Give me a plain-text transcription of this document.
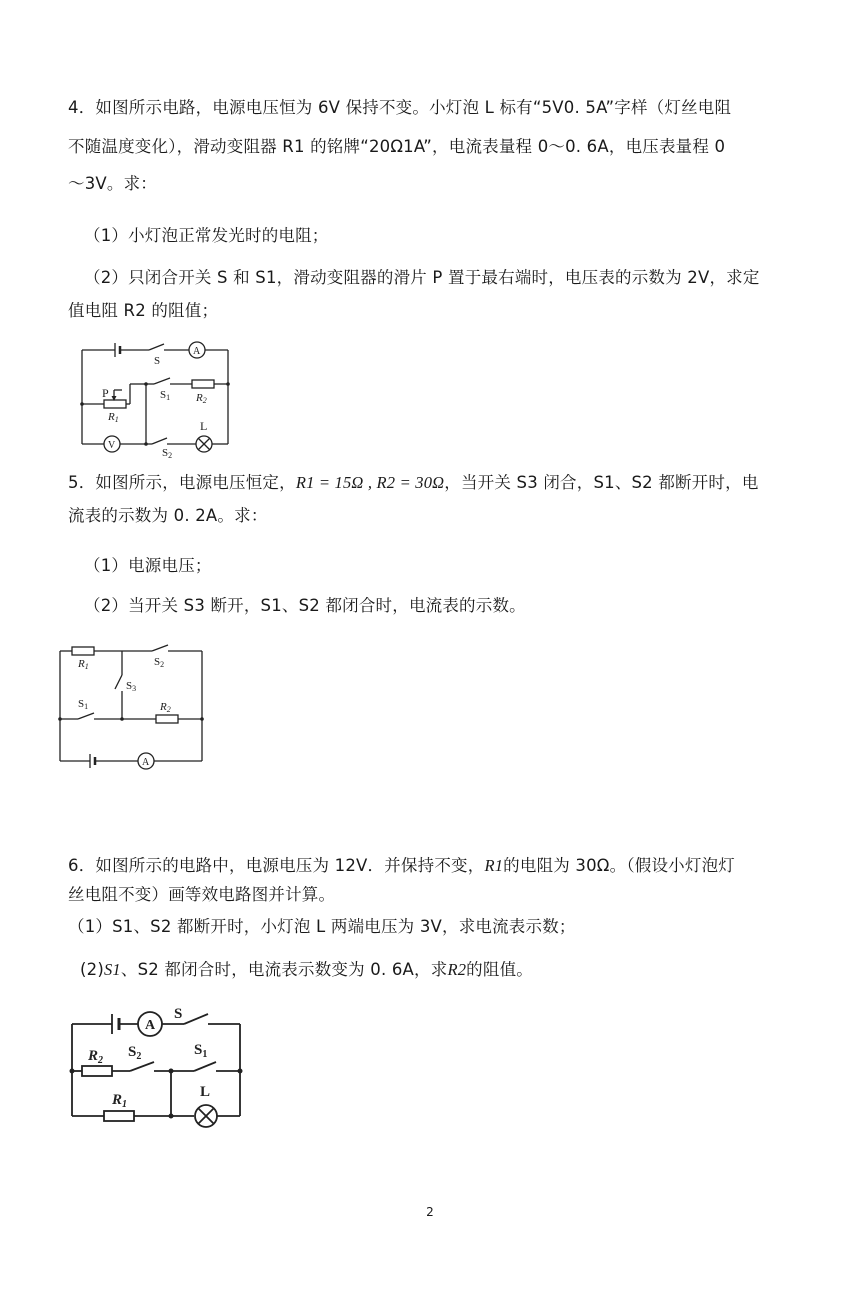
4．如图所示电路，电源电压恒为 6V 保持不变。小灯泡 L 标有“5V0. 5A”字样（灯丝电阻
不随温度变化），滑动变阻器 R1 的铭牌“20Ω1A”，电流表量程 0～0. 6A，电压表量程 0
～3V。求：
（1）小灯泡正常发光时的电阻；
（2）只闭合开关 S 和 S1，滑动变阻器的滑片 P 置于最右端时，电压表的示数为 2V，求定
值电阻 R2 的阻值；
S
A
P
R1
S1 R2
V
L
S2
5．如图所示，电源电压恒定，R1 = 15Ω , R2 = 30Ω，当开关 S3 闭合，S1、S2 都断开时，电
流表的示数为 0. 2A。求：
（1）电源电压；
（2）当开关 S3 断开，S1、S2 都闭合时，电流表的示数。
R1	S2
S3
S1	R2
A
6．如图所示的电路中，电源电压为 12V．并保持不变，R1的电阻为 30Ω。（假设小灯泡灯
丝电阻不变）画等效电路图并计算。
（1）S1、S2 都断开时，小灯泡 L 两端电压为 3V，求电流表示数；
(2)S1、S2 都闭合时，电流表示数变为 0. 6A，求R2的阻值。
A
S
$R_2$
$S_2$	$S_1$
L
$R_1$
2
